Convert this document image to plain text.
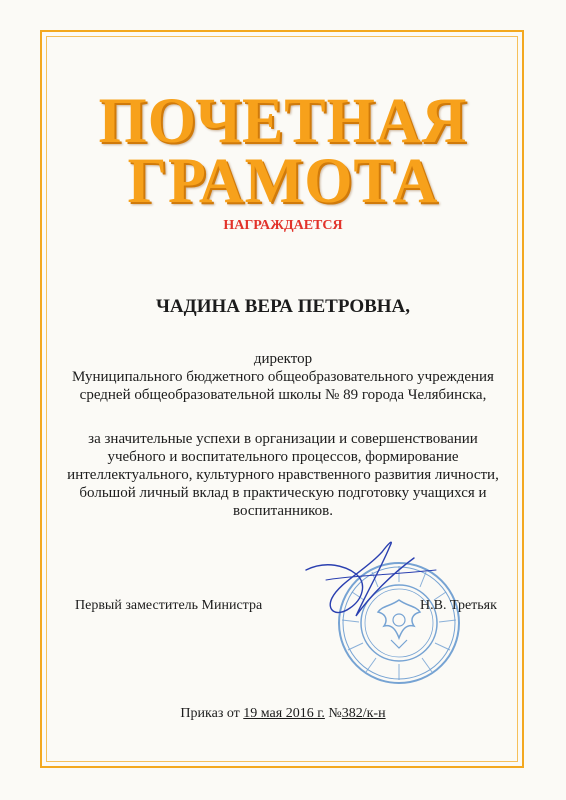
ПОЧЕТНАЯ
ГРАМОТА
НАГРАЖДАЕТСЯ
ЧАДИНА ВЕРА ПЕТРОВНА,
директор
Муниципального бюджетного общеобразовательного учреждения
средней общеобразовательной школы № 89 города Челябинска,
за значительные успехи в организации и совершенствовании
учебного и воспитательного процессов, формирование
интеллектуального, культурного нравственного развития личности,
большой личный вклад в практическую подготовку учащихся и
воспитанников.
Первый заместитель Министра	Н.В. Третьяк
Приказ от 19 мая 2016 г. №382/к-н
